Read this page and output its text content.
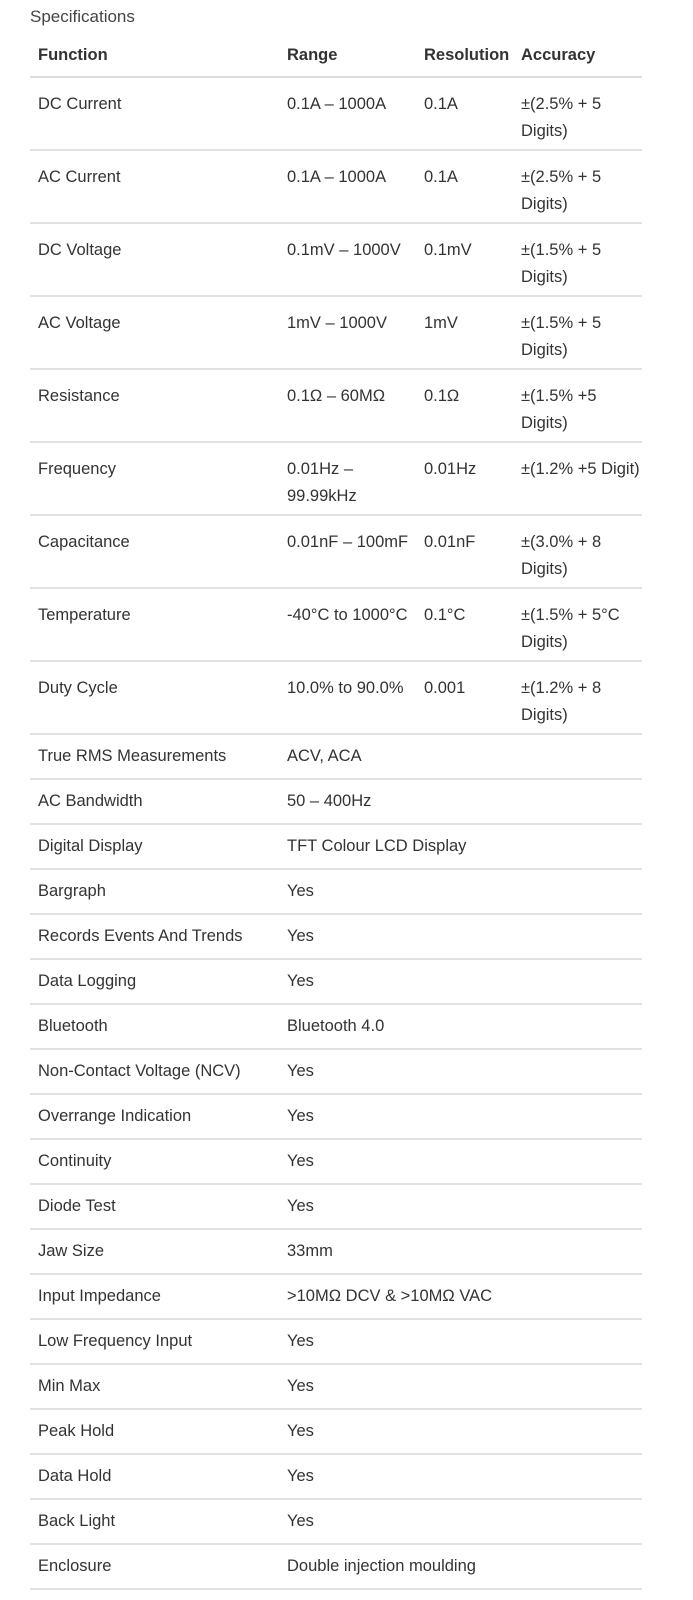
Specifications
Function	Range	Resolution	Accuracy
DC Current	0.1A – 1000A	0.1A	±(2.5% + 5 Digits)
AC Current	0.1A – 1000A	0.1A	±(2.5% + 5 Digits)
DC Voltage	0.1mV – 1000V	0.1mV	±(1.5% + 5 Digits)
AC Voltage	1mV – 1000V	1mV	±(1.5% + 5 Digits)
Resistance	0.1Ω – 60MΩ	0.1Ω	±(1.5% +5 Digits)
Frequency	0.01Hz – 99.99kHz	0.01Hz	±(1.2% +5 Digit)
Capacitance	0.01nF – 100mF	0.01nF	±(3.0% + 8 Digits)
Temperature	-40°C to 1000°C	0.1°C	±(1.5% + 5°C Digits)
Duty Cycle	10.0% to 90.0%	0.001	±(1.2% + 8 Digits)
True RMS Measurements	ACV, ACA		
AC Bandwidth	50 – 400Hz		
Digital Display	TFT Colour LCD Display		
Bargraph	Yes		
Records Events And Trends	Yes		
Data Logging	Yes		
Bluetooth	Bluetooth 4.0		
Non-Contact Voltage (NCV)	Yes		
Overrange Indication	Yes		
Continuity	Yes		
Diode Test	Yes		
Jaw Size	33mm		
Input Impedance	>10MΩ DCV & >10MΩ VAC		
Low Frequency Input	Yes		
Min Max	Yes		
Peak Hold	Yes		
Data Hold	Yes		
Back Light	Yes		
Enclosure	Double injection moulding		
